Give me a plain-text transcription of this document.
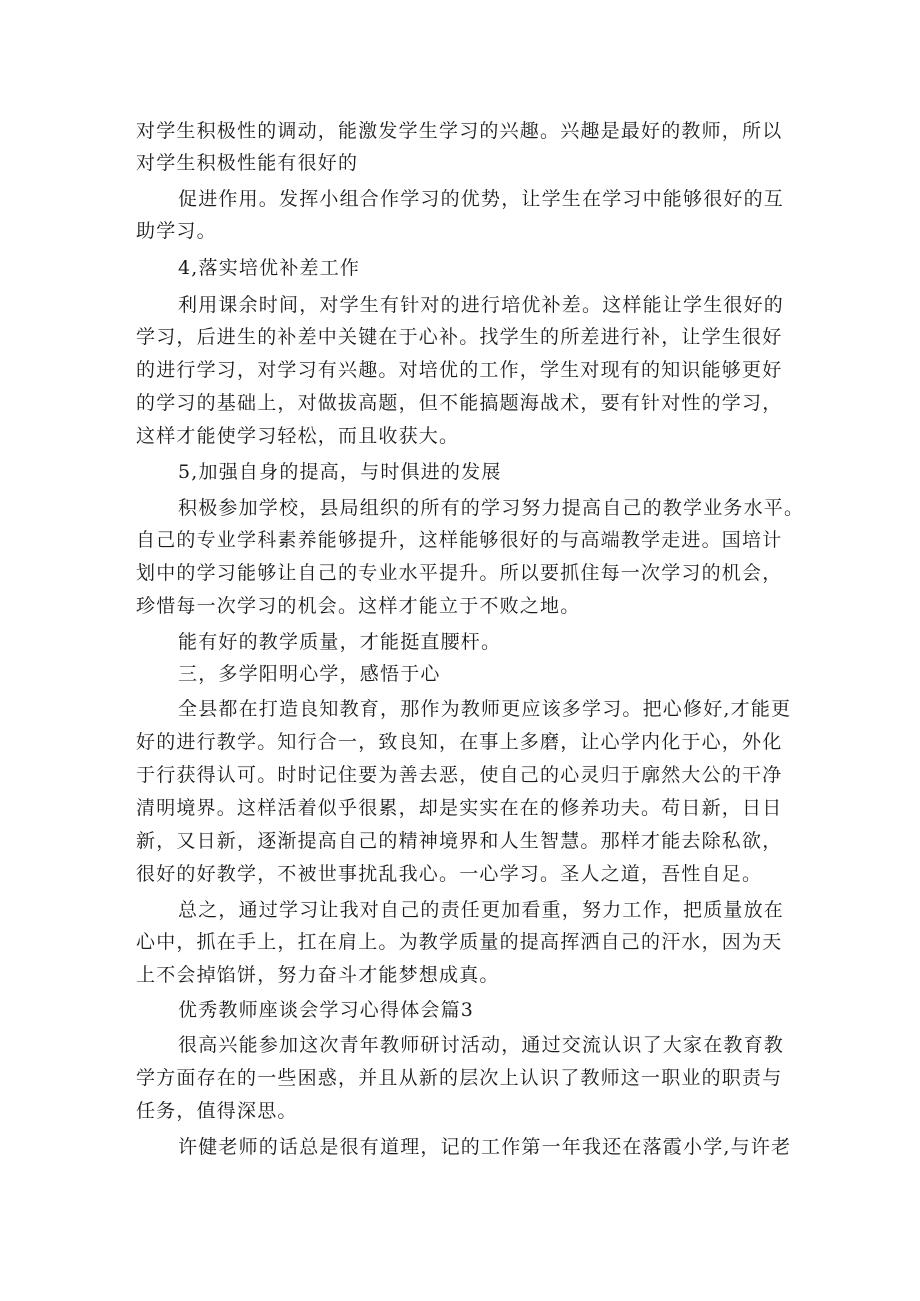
对学生积极性的调动，能激发学生学习的兴趣。兴趣是最好的教师，所以
对学生积极性能有很好的
促进作用。发挥小组合作学习的优势，让学生在学习中能够很好的互
助学习。
4,落实培优补差工作
利用课余时间，对学生有针对的进行培优补差。这样能让学生很好的
学习，后进生的补差中关键在于心补。找学生的所差进行补，让学生很好
的进行学习，对学习有兴趣。对培优的工作，学生对现有的知识能够更好
的学习的基础上，对做拔高题，但不能搞题海战术，要有针对性的学习，
这样才能使学习轻松，而且收获大。
5,加强自身的提高，与时俱进的发展
积极参加学校，县局组织的所有的学习努力提高自己的教学业务水平。
自己的专业学科素养能够提升，这样能够很好的与高端教学走进。国培计
划中的学习能够让自己的专业水平提升。所以要抓住每一次学习的机会，
珍惜每一次学习的机会。这样才能立于不败之地。
能有好的教学质量，才能挺直腰杆。
三，多学阳明心学，感悟于心
全县都在打造良知教育，那作为教师更应该多学习。把心修好,才能更
好的进行教学。知行合一，致良知，在事上多磨，让心学内化于心，外化
于行获得认可。时时记住要为善去恶，使自己的心灵归于廓然大公的干净
清明境界。这样活着似乎很累，却是实实在在的修养功夫。苟日新，日日
新，又日新，逐渐提高自己的精神境界和人生智慧。那样才能去除私欲，
很好的好教学，不被世事扰乱我心。一心学习。圣人之道，吾性自足。
总之，通过学习让我对自己的责任更加看重，努力工作，把质量放在
心中，抓在手上，扛在肩上。为教学质量的提高挥洒自己的汗水，因为天
上不会掉馅饼，努力奋斗才能梦想成真。
优秀教师座谈会学习心得体会篇3
很高兴能参加这次青年教师研讨活动，通过交流认识了大家在教育教
学方面存在的一些困惑，并且从新的层次上认识了教师这一职业的职责与
任务，值得深思。
许健老师的话总是很有道理，记的工作第一年我还在落霞小学,与许老
